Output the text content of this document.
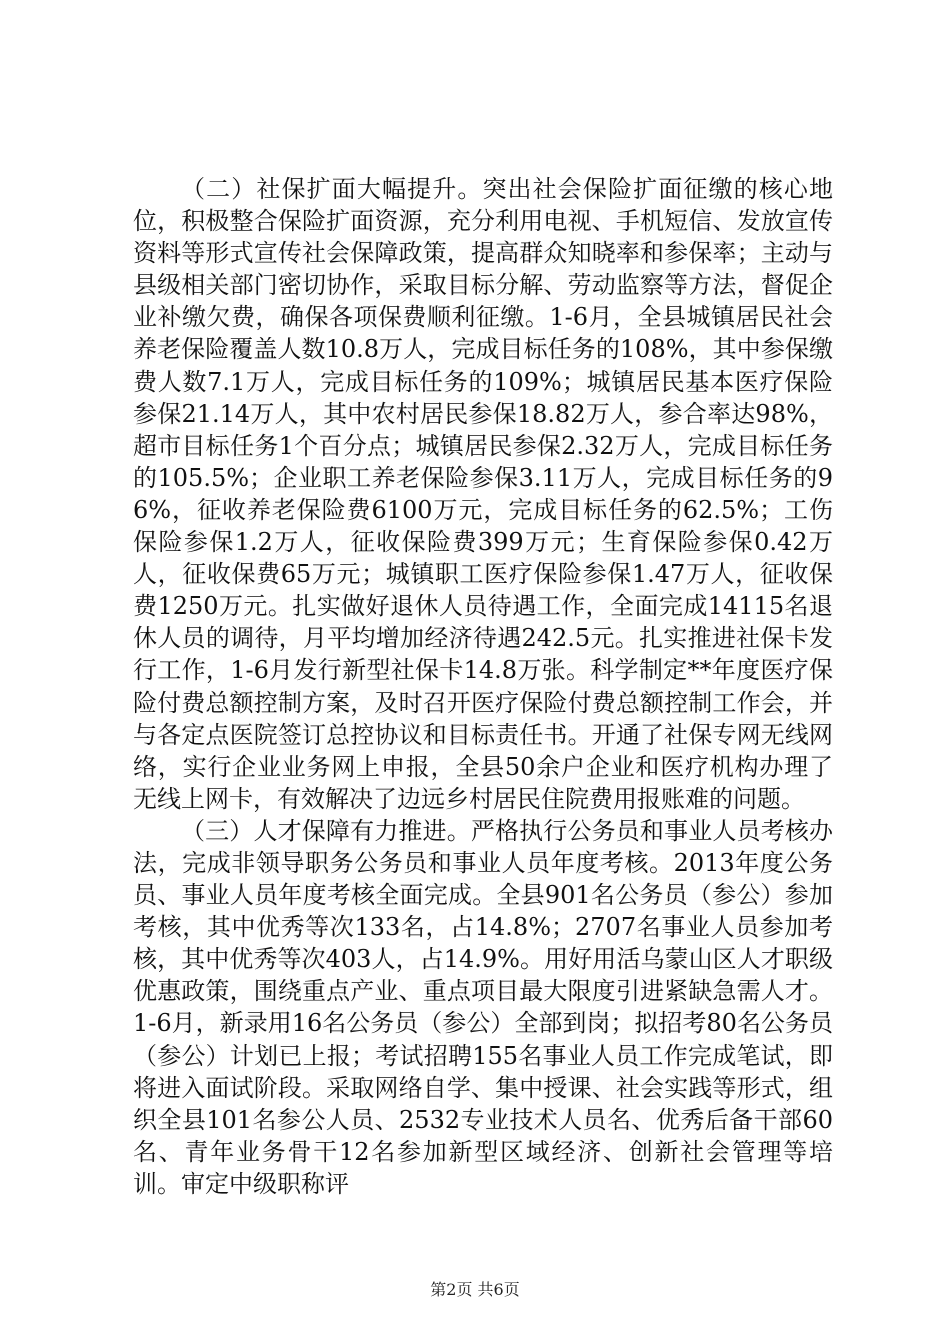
（二）社保扩面大幅提升。突出社会保险扩面征缴的核心地位，积极整合保险扩面资源，充分利用电视、手机短信、发放宣传资料等形式宣传社会保障政策，提高群众知晓率和参保率；主动与县级相关部门密切协作，采取目标分解、劳动监察等方法，督促企业补缴欠费，确保各项保费顺利征缴。1-6月，全县城镇居民社会养老保险覆盖人数10.8万人，完成目标任务的108%，其中参保缴费人数7.1万人，完成目标任务的109%；城镇居民基本医疗保险参保21.14万人，其中农村居民参保18.82万人，参合率达98%，超市目标任务1个百分点；城镇居民参保2.32万人，完成目标任务的105.5%；企业职工养老保险参保3.11万人，完成目标任务的96%，征收养老保险费6100万元，完成目标任务的62.5%；工伤保险参保1.2万人，征收保险费399万元；生育保险参保0.42万人，征收保费65万元；城镇职工医疗保险参保1.47万人，征收保费1250万元。扎实做好退休人员待遇工作，全面完成14115名退休人员的调待，月平均增加经济待遇242.5元。扎实推进社保卡发行工作，1-6月发行新型社保卡14.8万张。科学制定**年度医疗保险付费总额控制方案，及时召开医疗保险付费总额控制工作会，并与各定点医院签订总控协议和目标责任书。开通了社保专网无线网络，实行企业业务网上申报，全县50余户企业和医疗机构办理了无线上网卡，有效解决了边远乡村居民住院费用报账难的问题。

（三）人才保障有力推进。严格执行公务员和事业人员考核办法，完成非领导职务公务员和事业人员年度考核。2013年度公务员、事业人员年度考核全面完成。全县901名公务员（参公）参加考核，其中优秀等次133名，占14.8%；2707名事业人员参加考核，其中优秀等次403人，占14.9%。用好用活乌蒙山区人才职级优惠政策，围绕重点产业、重点项目最大限度引进紧缺急需人才。1-6月，新录用16名公务员（参公）全部到岗；拟招考80名公务员（参公）计划已上报；考试招聘155名事业人员工作完成笔试，即将进入面试阶段。采取网络自学、集中授课、社会实践等形式，组织全县101名参公人员、2532专业技术人员名、优秀后备干部60名、青年业务骨干12名参加新型区域经济、创新社会管理等培训。审定中级职称评

第2页 共6页
